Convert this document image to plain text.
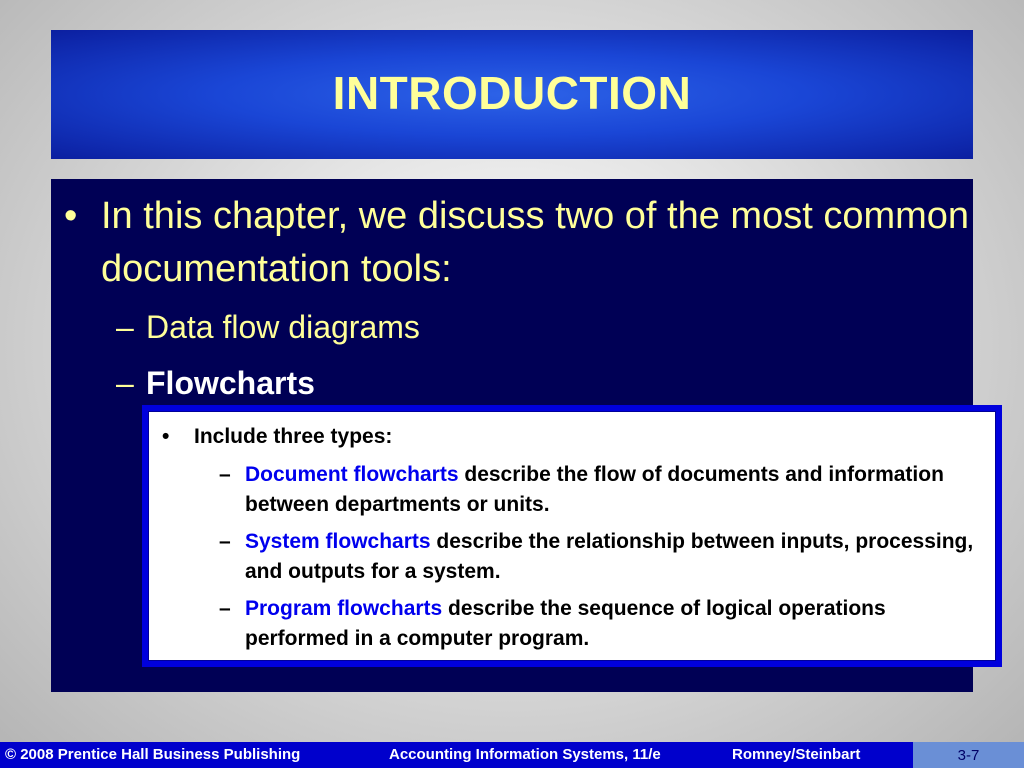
INTRODUCTION
• In this chapter, we discuss two of the most common documentation tools:
– Data flow diagrams
– Flowcharts
• Include three types:
– Document flowcharts describe the flow of documents and information between departments or units.
– System flowcharts describe the relationship between inputs, processing, and outputs for a system.
– Program flowcharts describe the sequence of logical operations performed in a computer program.
© 2008 Prentice Hall Business Publishing	Accounting Information Systems, 11/e	Romney/Steinbart	3-7
